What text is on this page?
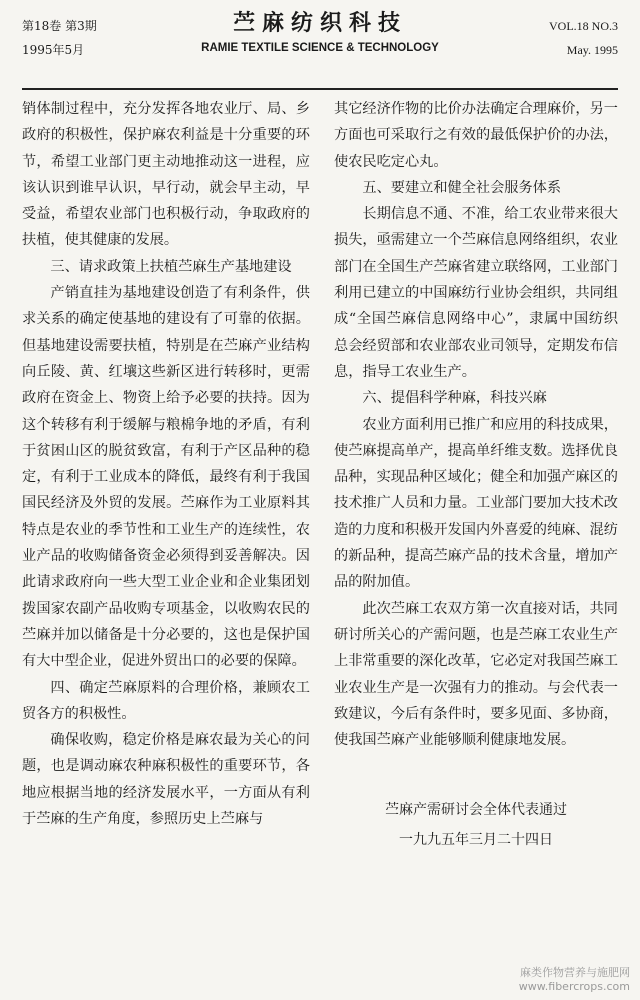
第18卷 第3期
1995年5月
苎麻纺织科技
RAMIE TEXTILE SCIENCE & TECHNOLOGY
VOL.18 NO.3
May. 1995

销体制过程中，充分发挥各地农业厅、局、乡政府的积极性，保护麻农利益是十分重要的环节，希望工业部门更主动地推动这一进程，应该认识到谁早认识，早行动，就会早主动，早受益，希望农业部门也积极行动，争取政府的扶植，使其健康的发展。

三、请求政策上扶植苎麻生产基地建设

产销直挂为基地建设创造了有利条件，供求关系的确定使基地的建设有了可靠的依据。但基地建设需要扶植，特别是在苎麻产业结构向丘陵、黄、红壤这些新区进行转移时，更需政府在资金上、物资上给予必要的扶持。因为这个转移有利于缓解与粮棉争地的矛盾，有利于贫困山区的脱贫致富，有利于产区品种的稳定，有利于工业成本的降低，最终有利于我国国民经济及外贸的发展。苎麻作为工业原料其特点是农业的季节性和工业生产的连续性，农业产品的收购储备资金必须得到妥善解决。因此请求政府向一些大型工业企业和企业集团划拨国家农副产品收购专项基金，以收购农民的苎麻并加以储备是十分必要的，这也是保护国有大中型企业，促进外贸出口的必要的保障。

四、确定苎麻原料的合理价格，兼顾农工贸各方的积极性。

确保收购，稳定价格是麻农最为关心的问题，也是调动麻农种麻积极性的重要环节，各地应根据当地的经济发展水平，一方面从有利于苎麻的生产角度，参照历史上苎麻与

其它经济作物的比价办法确定合理麻价，另一方面也可采取行之有效的最低保护价的办法，使农民吃定心丸。

五、要建立和健全社会服务体系

长期信息不通、不准，给工农业带来很大损失，亟需建立一个苎麻信息网络组织，农业部门在全国生产苎麻省建立联络网，工业部门利用已建立的中国麻纺行业协会组织，共同组成“全国苎麻信息网络中心”，隶属中国纺织总会经贸部和农业部农业司领导，定期发布信息，指导工农业生产。

六、提倡科学种麻，科技兴麻

农业方面利用已推广和应用的科技成果，使苎麻提高单产，提高单纤维支数。选择优良品种，实现品种区域化；健全和加强产麻区的技术推广人员和力量。工业部门要加大技术改造的力度和积极开发国内外喜爱的纯麻、混纺的新品种，提高苎麻产品的技术含量，增加产品的附加值。

此次苎麻工农双方第一次直接对话，共同研讨所关心的产需问题，也是苎麻工农业生产上非常重要的深化改革，它必定对我国苎麻工业农业生产是一次强有力的推动。与会代表一致建议，今后有条件时，要多见面、多协商，使我国苎麻产业能够顺利健康地发展。

苎麻产需研讨会全体代表通过
一九九五年三月二十四日
麻类作物营养与施肥网
www.fibercrops.com
